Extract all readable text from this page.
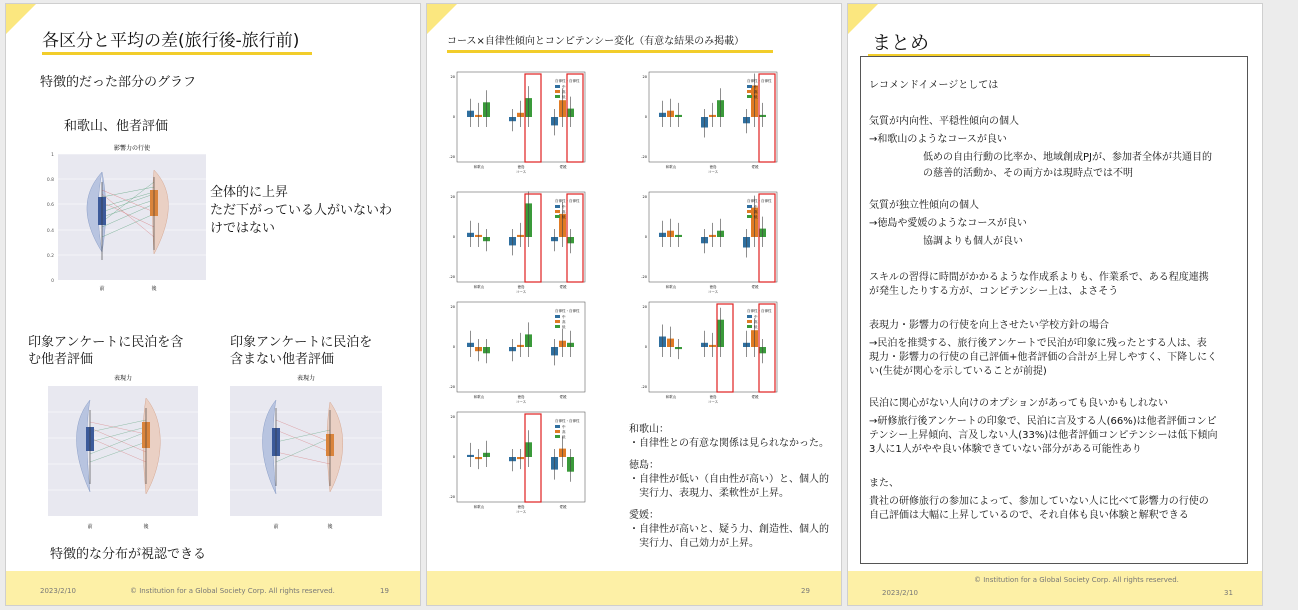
各区分と平均の差(旅行後-旅行前)
特徴的だった部分のグラフ
和歌山、他者評価
影響力の行使
1
0.8
0.6
0.4
0.2
0
前	後
全体的に上昇
ただ下がっている人がいないわ
けではない
印象アンケートに民泊を含
む他者評価
印象アンケートに民泊を
含まない他者評価
表現力
前	後
表現力
前	後
特徴的な分布が視認できる
2023/2/10	© Institution for a Global Society Corp. All rights reserved.	19
コース×自律性傾向とコンピテンシー変化（有意な結果のみ掲載）
和歌山	徳島	愛媛
コース
20
0
-20
自律性・自律性
中
高
低
和歌山	徳島	愛媛
コース
20
0
-20
自律性・自律性
中
高
低
和歌山	徳島	愛媛
コース
20
0
-20
自律性・自律性
中
高
低
和歌山	徳島	愛媛
コース
20
0
-20
自律性・自律性
中
高
低
和歌山	徳島	愛媛
コース
20
0
-20
自律性・自律性
中
高
低
和歌山	徳島	愛媛
コース
20
0
-20
自律性・自律性
中
高
低
和歌山	徳島	愛媛
コース
20
0
-20
自律性・自律性
中
高
低
和歌山：
・自律性との有意な関係は見られなかった。
徳島：
・自律性が低い（自由性が高い）と、個人的
　実行力、表現力、柔軟性が上昇。
愛媛：
・自律性が高いと、疑う力、創造性、個人的
　実行力、自己効力が上昇。
29
まとめ
レコメンドイメージとしては
気質が内向性、平穏性傾向の個人
→和歌山のようなコースが良い
低めの自由行動の比率か、地域創成PJが、参加者全体が共通目的
の慈善的活動か、その両方かは現時点では不明
気質が独立性傾向の個人
→徳島や愛媛のようなコースが良い
協調よりも個人が良い
スキルの習得に時間がかかるような作成系よりも、作業系で、ある程度連携
が発生したりする方が、コンピテンシー上は、よさそう
表現力・影響力の行使を向上させたい学校方針の場合
→民泊を推奨する、旅行後アンケートで民泊が印象に残ったとする人は、表
現力・影響力の行使の自己評価+他者評価の合計が上昇しやすく、下降しにく
い(生徒が関心を示していることが前提)
民泊に関心がない人向けのオプションがあっても良いかもしれない
→研修旅行後アンケートの印象で、民泊に言及する人(66%)は他者評価コンピ
テンシー上昇傾向、言及しない人(33%)は他者評価コンピテンシーは低下傾向
3人に1人がやや良い体験できていない部分がある可能性あり
また、
貴社の研修旅行の参加によって、参加していない人に比べて影響力の行使の
自己評価は大幅に上昇しているので、それ自体も良い体験と解釈できる
© Institution for a Global Society Corp. All rights reserved.
2023/2/10	31
